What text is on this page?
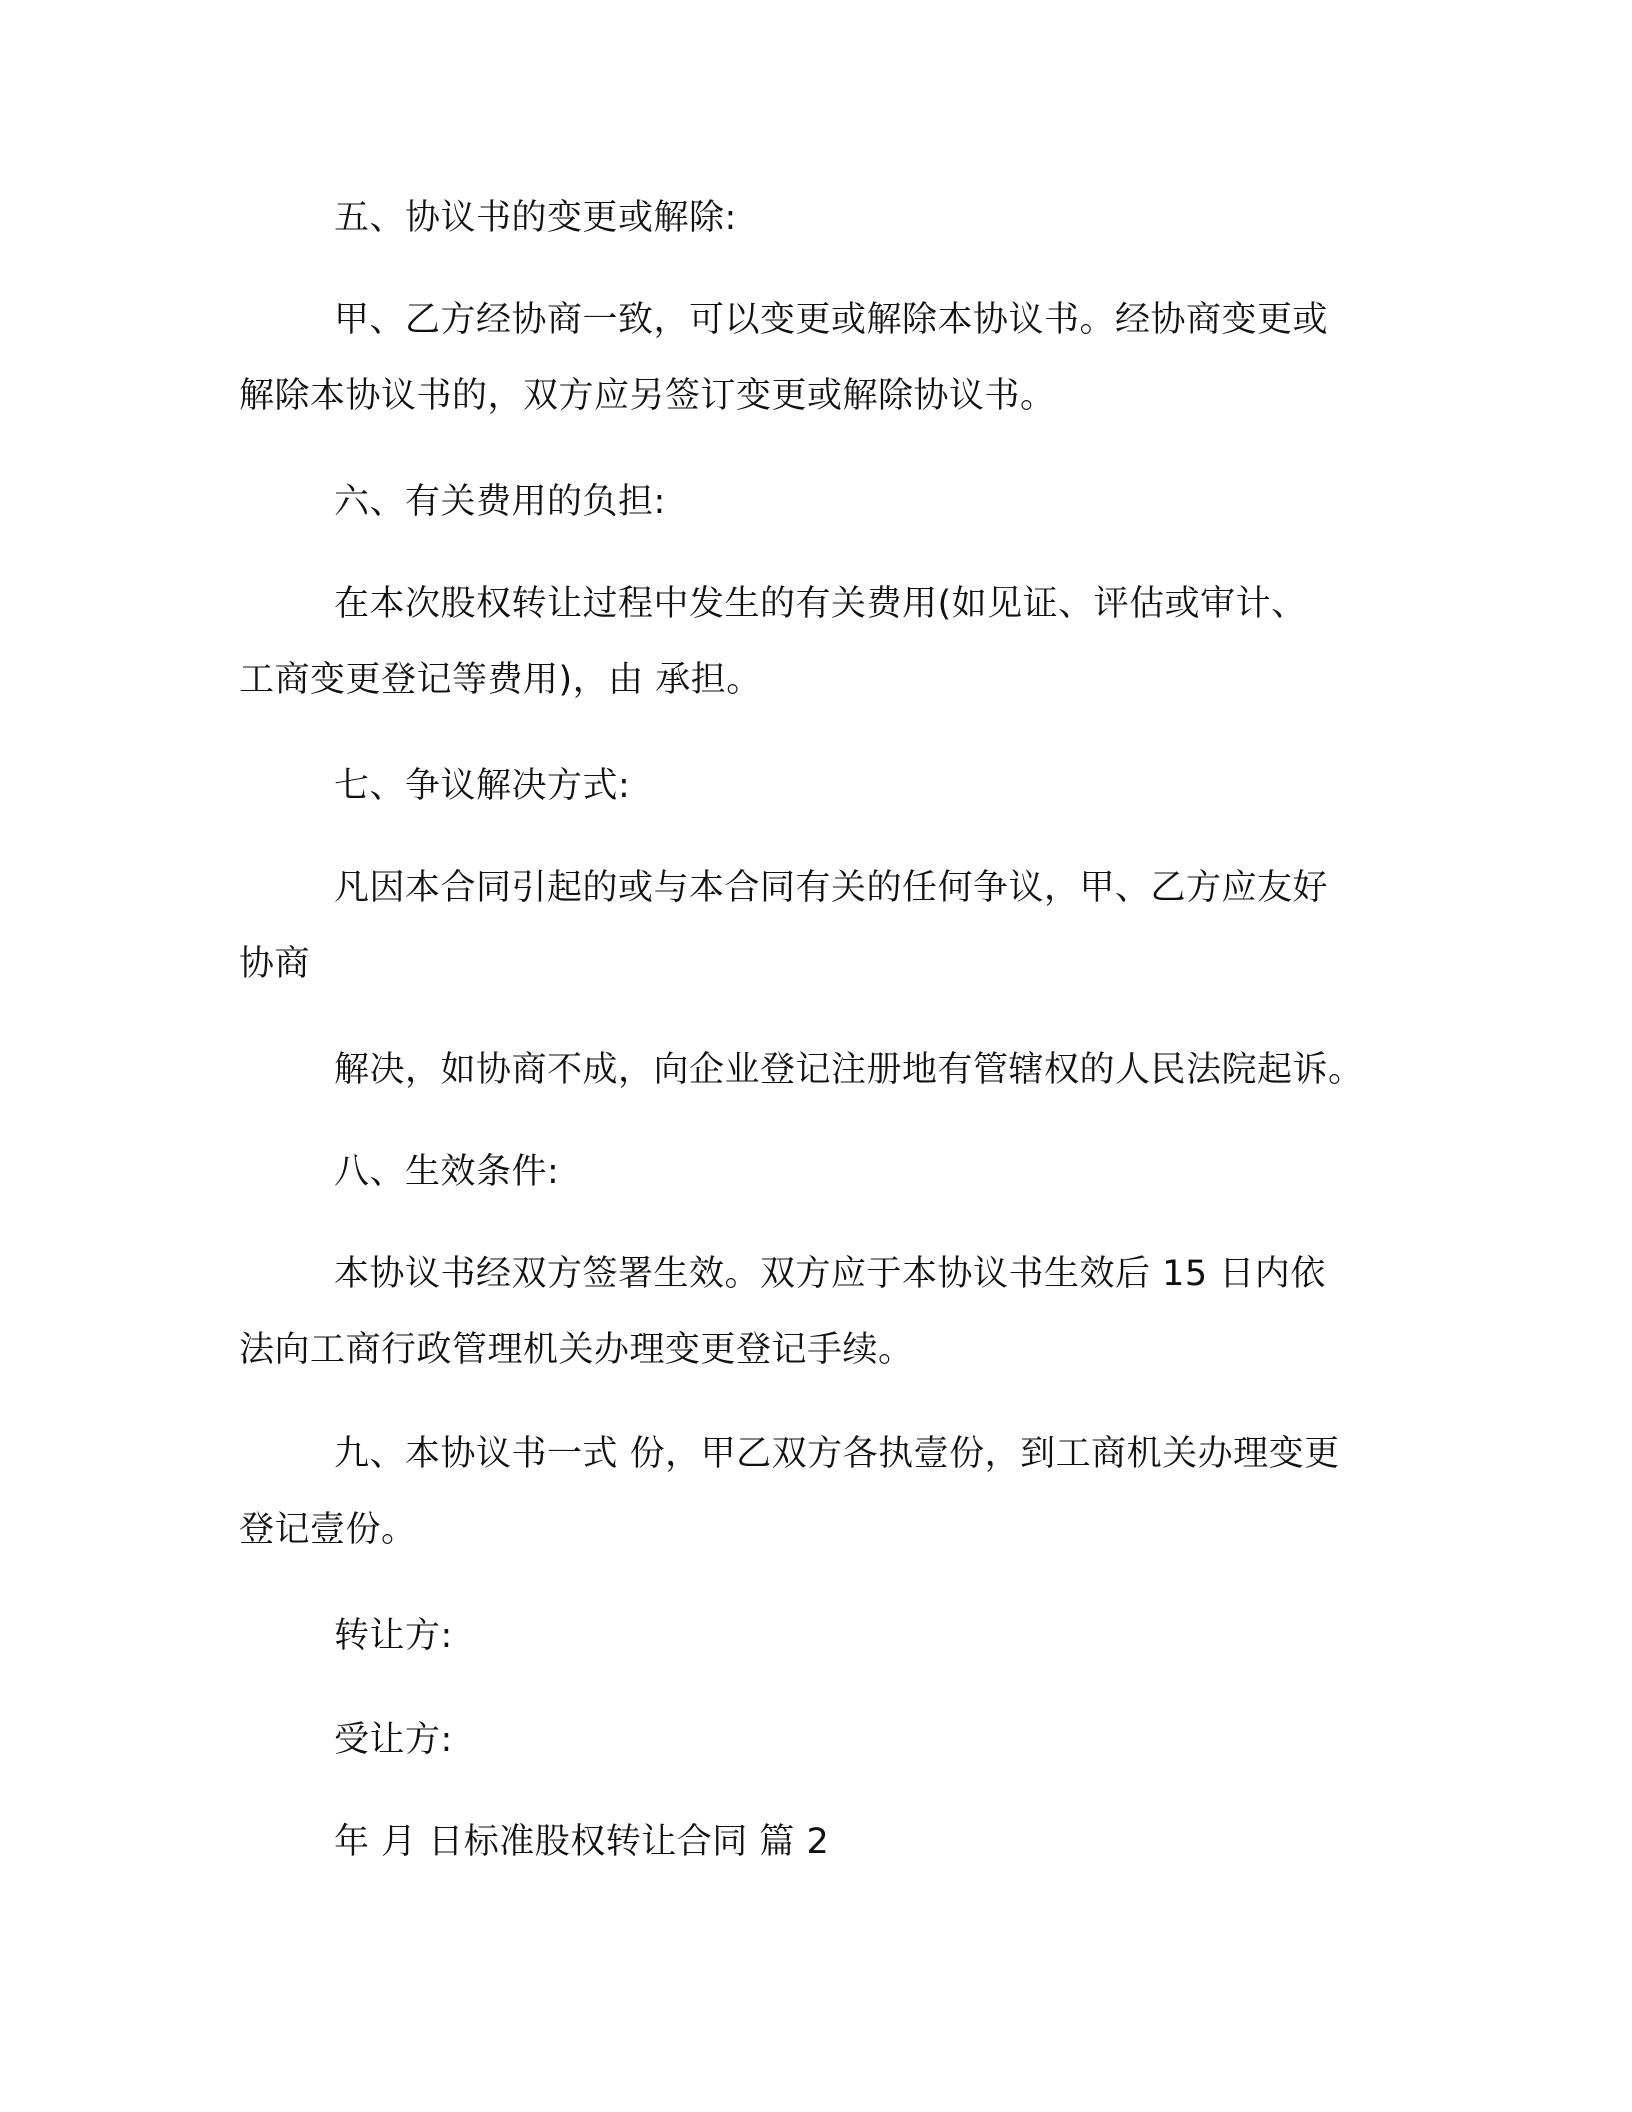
五、协议书的变更或解除:

甲、乙方经协商一致，可以变更或解除本协议书。经协商变更或

解除本协议书的，双方应另签订变更或解除协议书。

六、有关费用的负担:

在本次股权转让过程中发生的有关费用(如见证、评估或审计、

工商变更登记等费用)，由 承担。

七、争议解决方式:

凡因本合同引起的或与本合同有关的任何争议，甲、乙方应友好

协商

解决，如协商不成，向企业登记注册地有管辖权的人民法院起诉。

八、生效条件:

本协议书经双方签署生效。双方应于本协议书生效后 15 日内依

法向工商行政管理机关办理变更登记手续。

九、本协议书一式 份，甲乙双方各执壹份，到工商机关办理变更

登记壹份。

转让方:

受让方:

年 月 日标准股权转让合同 篇 2
